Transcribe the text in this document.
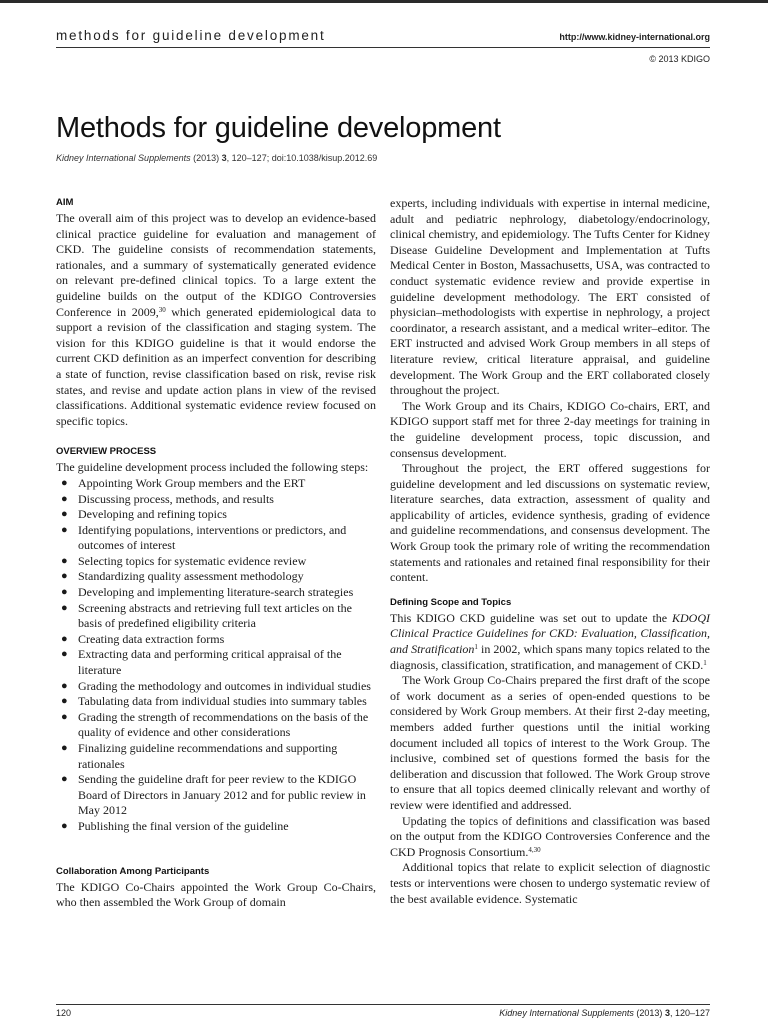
methods for guideline development	http://www.kidney-international.org
© 2013 KDIGO
Methods for guideline development
Kidney International Supplements (2013) 3, 120–127; doi:10.1038/kisup.2012.69
AIM

The overall aim of this project was to develop an evidence-based clinical practice guideline for evaluation and management of CKD. The guideline consists of recommendation statements, rationales, and a summary of systematically generated evidence on relevant pre-defined clinical topics. To a large extent the guideline builds on the output of the KDIGO Controversies Conference in 2009,30 which generated epidemiological data to support a revision of the classification and staging system. The vision for this KDIGO guideline is that it would endorse the current CKD definition as an imperfect convention for describing a state of function, revise classification based on risk, revise risk states, and revise and update action plans in view of the revised classifications. Additional systematic evidence review focused on specific topics.

OVERVIEW PROCESS

The guideline development process included the following steps:

● Appointing Work Group members and the ERT
● Discussing process, methods, and results
● Developing and refining topics
● Identifying populations, interventions or predictors, and outcomes of interest
● Selecting topics for systematic evidence review
● Standardizing quality assessment methodology
● Developing and implementing literature-search strategies
● Screening abstracts and retrieving full text articles on the basis of predefined eligibility criteria
● Creating data extraction forms
● Extracting data and performing critical appraisal of the literature
● Grading the methodology and outcomes in individual studies
● Tabulating data from individual studies into summary tables
● Grading the strength of recommendations on the basis of the quality of evidence and other considerations
● Finalizing guideline recommendations and supporting rationales
● Sending the guideline draft for peer review to the KDIGO Board of Directors in January 2012 and for public review in May 2012
● Publishing the final version of the guideline
Collaboration Among Participants

The KDIGO Co-Chairs appointed the Work Group Co-Chairs, who then assembled the Work Group of domain

experts, including individuals with expertise in internal medicine, adult and pediatric nephrology, diabetology/endocrinology, clinical chemistry, and epidemiology. The Tufts Center for Kidney Disease Guideline Development and Implementation at Tufts Medical Center in Boston, Massachusetts, USA, was contracted to conduct systematic evidence review and provide expertise in guideline development methodology. The ERT consisted of physician–methodologists with expertise in nephrology, a project coordinator, a research assistant, and a medical writer–editor. The ERT instructed and advised Work Group members in all steps of literature review, critical literature appraisal, and guideline development. The Work Group and the ERT collaborated closely throughout the project.

The Work Group and its Chairs, KDIGO Co-chairs, ERT, and KDIGO support staff met for three 2-day meetings for training in the guideline development process, topic discussion, and consensus development.

Throughout the project, the ERT offered suggestions for guideline development and led discussions on systematic review, literature searches, data extraction, assessment of quality and applicability of articles, evidence synthesis, grading of evidence and guideline recommendations, and consensus development. The Work Group took the primary role of writing the recommendation statements and rationales and retained final responsibility for their content.

Defining Scope and Topics

This KDIGO CKD guideline was set out to update the KDOQI Clinical Practice Guidelines for CKD: Evaluation, Classification, and Stratification$^1$ in 2002, which spans many topics related to the diagnosis, classification, stratification, and management of CKD.$^1$

The Work Group Co-Chairs prepared the first draft of the scope of work document as a series of open-ended questions to be considered by Work Group members. At their first 2-day meeting, members added further questions until the initial working document included all topics of interest to the Work Group. The inclusive, combined set of questions formed the basis for the deliberation and discussion that followed. The Work Group strove to ensure that all topics deemed clinically relevant and worthy of review were identified and addressed.

Updating the topics of definitions and classification was based on the output from the KDIGO Controversies Conference and the CKD Prognosis Consortium.$^{4,30}$

Additional topics that relate to explicit selection of diagnostic tests or interventions were chosen to undergo systematic review of the best available evidence. Systematic

120	Kidney International Supplements (2013) 3, 120–127
